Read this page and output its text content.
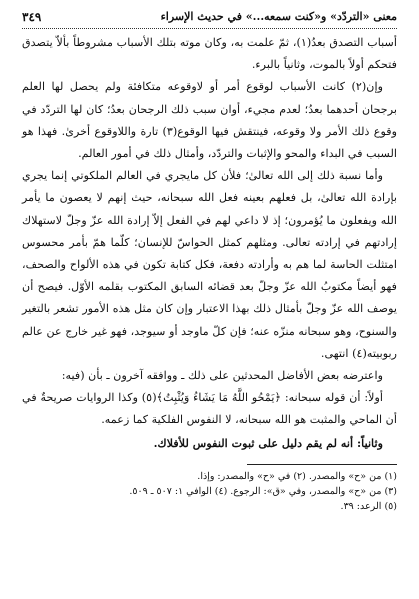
معنى «التردّد» و«كنت سمعه...» في حديث الإسراء
٣٤٩

أسباب التصدق بعدُ(١)، ثمّ علمت به، وكان موته بتلك الأسباب مشروطاً بألاّ يتصدق فتحكم أولاً بالموت، وثانياً بالبرء.

وإن(٢) كانت الأسباب لوقوع أمر أو لاوقوعه متكافئة ولم يحصل لها العلم برجحان أحدهما بعدُ؛ لعدم مجيء، أوان سبب ذلك الرجحان بعدُ؛ كان لها التردّد في وقوع ذلك الأمر ولا وقوعه، فينتقش فيها الوقوع(٣) تارة واللاوقوع أخرىٰ. فهذا هو السبب في البداء والمحو والإثبات والتردّد، وأمثال ذلك في أمور العالم.

وأما نسبة ذلك إلى الله تعالىٰ؛ فلأن كل مايجري في العالم الملكوتي إنما يجري بإرادة الله تعالىٰ، بل فعلهم بعينه فعل الله سبحانه، حيث إنهم لا يعصون ما يأمر الله ويفعلون ما يُؤمرون؛ إذ لا داعي لهم في الفعل إلاّ إرادة الله عزّ وجلّ لاستهلاك إرادتهم في إرادته تعالى. ومثلهم كمثل الحواسّ للإنسان؛ كلّما همّ بأمر محسوس امتثلت الحاسة لما هم به وأرادته دفعة، فكل كتابة تكون في هذه الألواح والصحف، فهو أيضاً مكتوبُ الله عزّ وجلّ بعد قضائه السابق المكتوب بقلمه الأوّل. فيصح أن يوصف الله عزّ وجلّ بأمثال ذلك بهذا الاعتبار وإن كان مثل هذه الأمور تشعر بالتغير والسنوح، وهو سبحانه منزّه عنه؛ فإن كلّ ماوجد أو سيوجد، فهو غير خارج عن عالم ربوبيته(٤) انتهى.

واعترضه بعض الأفاضل المحدثين على ذلك ـ ووافقه آخرون ـ بأن (فيه:

أولاً: أن قوله سبحانه: ﴿يَمْحُو اللَّهُ مَا يَشَاءُ وَيُثْبِتُ﴾(٥) وكذا الروايات صريحةٌ في أن الماحي والمثبت هو الله سبحانه، لا النفوس الفلكية كما زعمه.

وثانياً: أنه لم يقم دليل على ثبوت النفوس للأفلاك.

(١) من «ح» والمصدر. (٢) في «ح» والمصدر: وإذا.

(٣) من «ح» والمصدر، وفي «ق»: الرجوع. (٤) الوافي ١: ٥٠٧ ـ ٥٠٩.

(٥) الرعد: ٣٩.
